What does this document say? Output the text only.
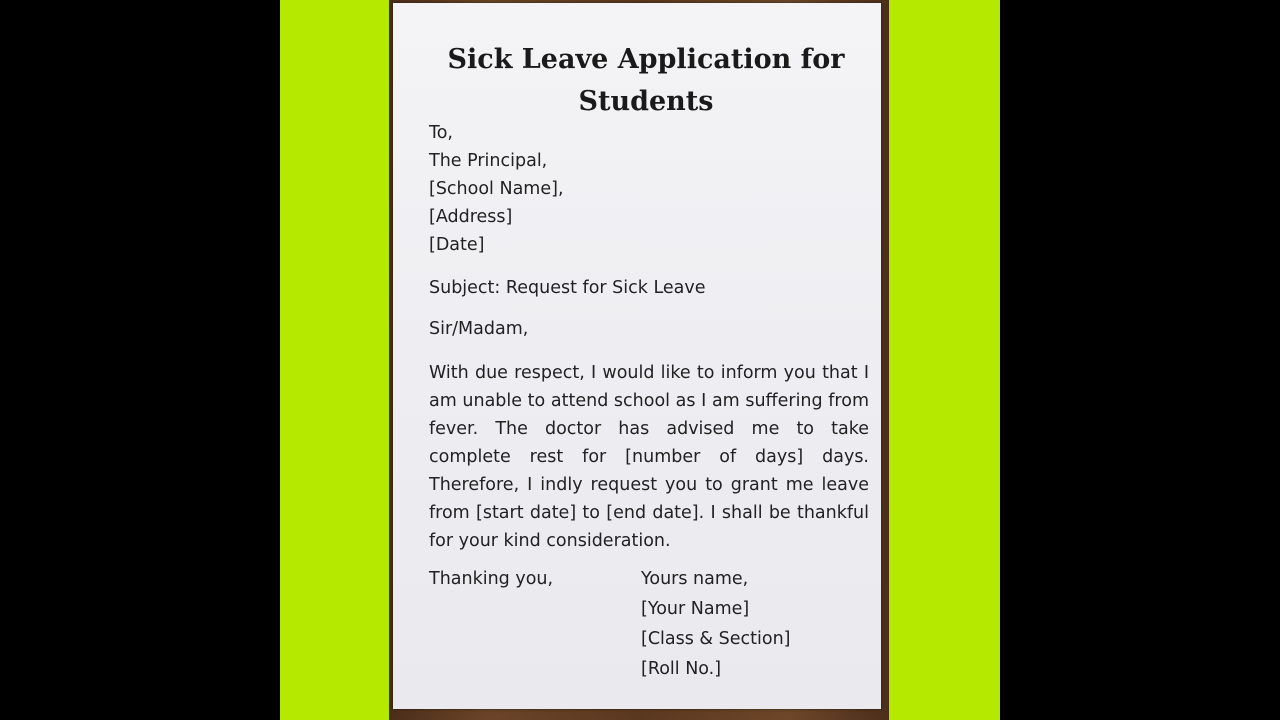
Sick Leave Application for Students

To,

The Principal,

[School Name],

[Address]

[Date]

Subject: Request for Sick Leave

Sir/Madam,

With due respect, I would like to inform you that I am unable to attend school as I am suffering from fever. The doctor has advised me to take complete rest for [number of days] days. Therefore, I indly request you to grant me leave from [start date] to [end date]. I shall be thankful for your kind consideration.

Thanking you,	Yours name,

[Your Name]

[Class & Section]

[Roll No.]
